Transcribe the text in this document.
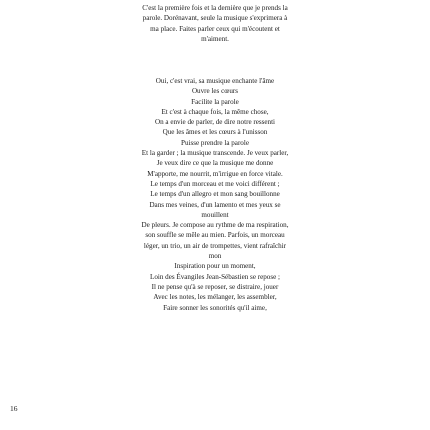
C'est la première fois et la dernière que je prends la
parole. Dorénavant, seule la musique s'exprimera à
ma place. Faites parler ceux qui m'écoutent et
m'aiment.
Oui, c'est vrai, sa musique enchante l'âme
Ouvre les cœurs
Facilite la parole
Et c'est à chaque fois, la même chose,
On a envie de parler, de dire notre ressenti
Que les âmes et les cœurs à l'unisson
Puisse prendre la parole
Et la garder ; la musique transcende. Je veux parler,
Je veux dire ce que la musique me donne
M'apporte, me nourrit, m'irrigue en force vitale.
Le temps d'un morceau et me voici différent ;
Le temps d'un allegro et mon sang bouillonne
Dans mes veines, d'un lamento et mes yeux se
mouillent
De pleurs. Je compose au rythme de ma respiration,
son souffle se mêle au mien. Parfois, un morceau
léger, un trio, un air de trompettes, vient rafraîchir
mon
Inspiration pour un moment,
Loin des Évangiles Jean-Sébastien se repose ;
Il ne pense qu'à se reposer, se distraire, jouer
Avec les notes, les mélanger, les assembler,
Faire sonner les sonorités qu'il aime,
16
